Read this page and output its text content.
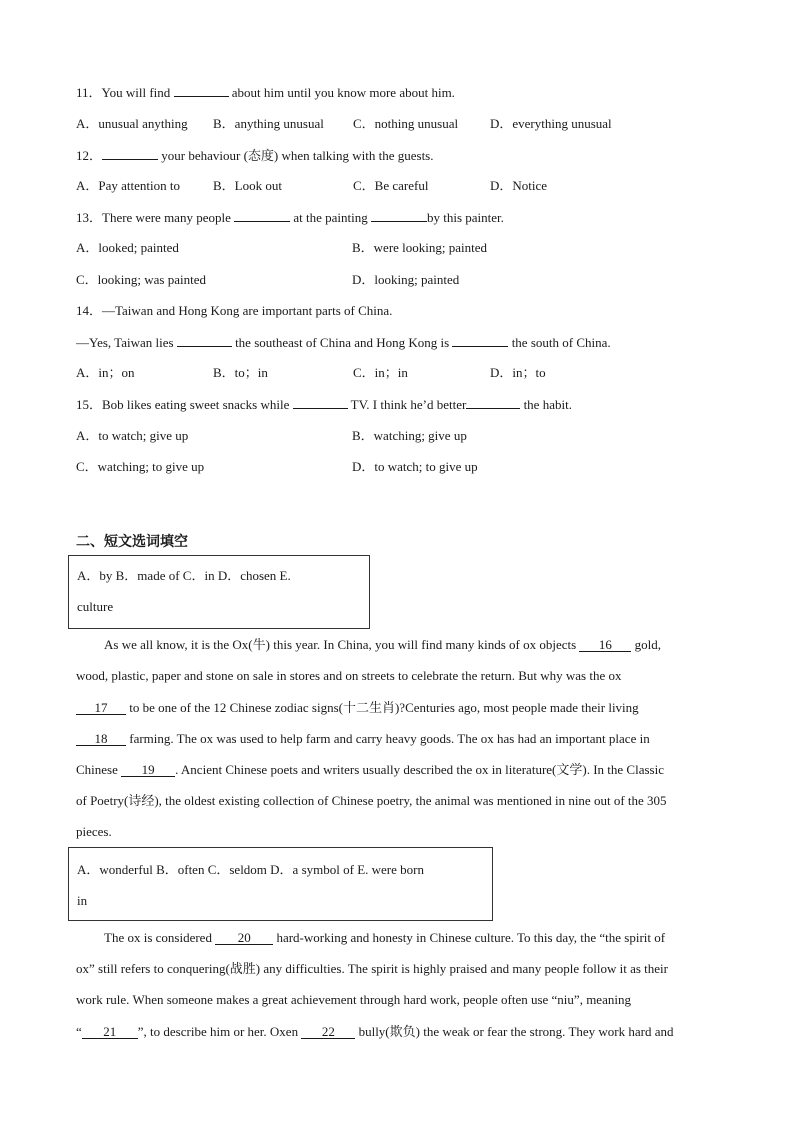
11．You will find	about him until you know more about him.
A．unusual anything B．anything unusual C．nothing unusual D．everything unusual
12．	your behaviour (态度) when talking with the guests.
A．Pay attention to	B．Look out	C．Be careful	D．Notice
13．There were many people	at the painting	by this painter.
A．looked; painted	B．were looking; painted
C．looking; was painted	D．looking; painted
14．—Taiwan and Hong Kong are important parts of China.
—Yes, Taiwan lies	the southeast of China and Hong Kong is	the south of China.
A．in；on	B．to；in	C．in；in	D．in；to
15．Bob likes eating sweet snacks while	TV. I think he’d better	the habit.
A．to watch; give up	B．watching; give up
C．watching; to give up	D．to watch; to give up
二、短文选词填空
A．by B．made of C．in D．chosen E.
culture
As we all know, it is the Ox(牛) this year. In China, you will find many kinds of ox objects 16 gold,
wood, plastic, paper and stone on sale in stores and on streets to celebrate the return. But why was the ox
17 to be one of the 12 Chinese zodiac signs(十二生肖)?Centuries ago, most people made their living
18 farming. The ox was used to help farm and carry heavy goods. The ox has had an important place in
Chinese 19 . Ancient Chinese poets and writers usually described the ox in literature(文学). In the Classic
of Poetry(诗经), the oldest existing collection of Chinese poetry, the animal was mentioned in nine out of the 305
pieces.
A．wonderful B．often C．seldom D．a symbol of E. were born
in
The ox is considered 20 hard-working and honesty in Chinese culture. To this day, the “the spirit of
ox” still refers to conquering(战胜) any difficulties. The spirit is highly praised and many people follow it as their
work rule. When someone makes a great achievement through hard work, people often use “niu”, meaning
“ 21 ”, to describe him or her. Oxen 22 bully(欺负) the weak or fear the strong. They work hard and
